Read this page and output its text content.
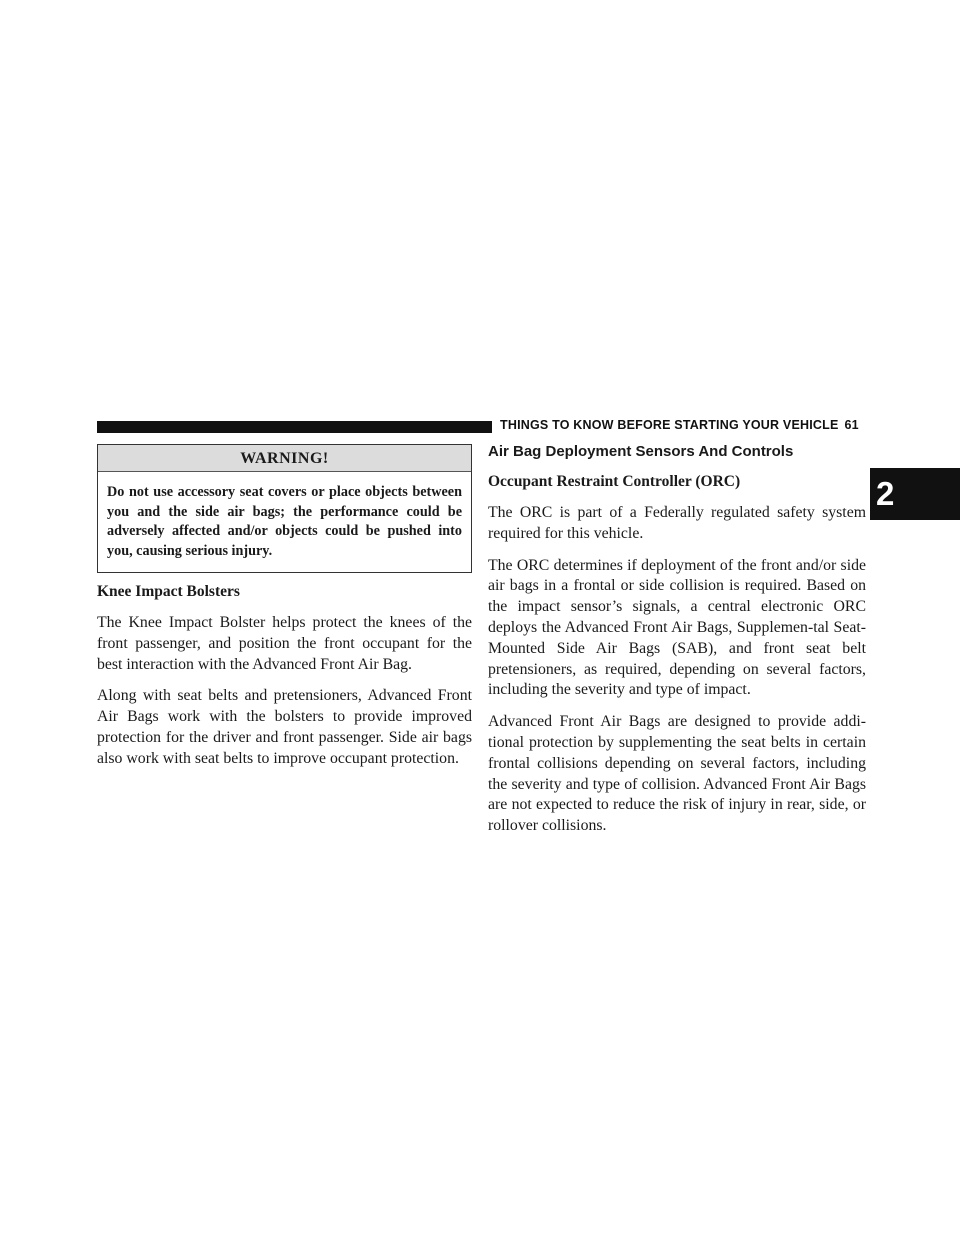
THINGS TO KNOW BEFORE STARTING YOUR VEHICLE 61
2
WARNING!
Do not use accessory seat covers or place objects between you and the side air bags; the performance could be adversely affected and/or objects could be pushed into you, causing serious injury.

Knee Impact Bolsters

The Knee Impact Bolster helps protect the knees of the front passenger, and position the front occupant for the best interaction with the Advanced Front Air Bag.

Along with seat belts and pretensioners, Advanced Front Air Bags work with the bolsters to provide improved protection for the driver and front passenger. Side air bags also work with seat belts to improve occupant protection.

Air Bag Deployment Sensors And Controls

Occupant Restraint Controller (ORC)

The ORC is part of a Federally regulated safety system required for this vehicle.

The ORC determines if deployment of the front and/or side air bags in a frontal or side collision is required. Based on the impact sensor’s signals, a central electronic ORC deploys the Advanced Front Air Bags, Supplemen-tal Seat-Mounted Side Air Bags (SAB), and front seat belt pretensioners, as required, depending on several factors, including the severity and type of impact.

Advanced Front Air Bags are designed to provide addi-tional protection by supplementing the seat belts in certain frontal collisions depending on several factors, including the severity and type of collision. Advanced Front Air Bags are not expected to reduce the risk of injury in rear, side, or rollover collisions.
